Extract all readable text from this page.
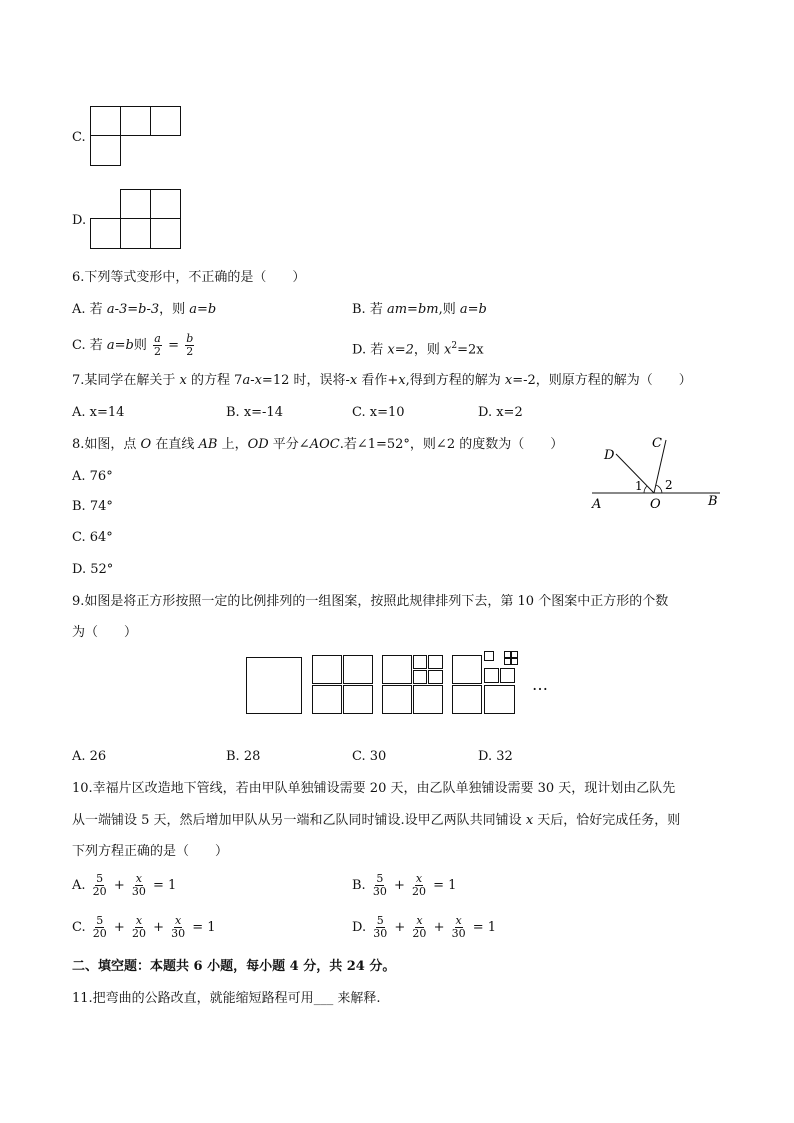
C.
D.
6.下列等式变形中，不正确的是（　　）
A. 若 a-3=b-3，则 a=b	B. 若 am=bm,则 a=b
C. 若 a=b则 $\frac{a}{2} = \frac{b}{2}$	D. 若 x=2，则 $x^2=2x$
7.某同学在解关于 x 的方程 7a-x=12 时，误将-x 看作+x,得到方程的解为 x=-2，则原方程的解为（　　）
A. x=14	B. x=-14	C. x=10	D. x=2
8.如图，点 O 在直线 AB 上，OD 平分∠AOC.若∠1=52°，则∠2 的度数为（　　）
A. 76°
B. 74°
C. 64°
D. 52°
A	O	B
C
D
1 2
9.如图是将正方形按照一定的比例排列的一组图案，按照此规律排列下去，第 10 个图案中正方形的个数
为（　　）
…
A. 26	B. 28	C. 30	D. 32
10.幸福片区改造地下管线，若由甲队单独铺设需要 20 天，由乙队单独铺设需要 30 天，现计划由乙队先
从一端铺设 5 天，然后增加甲队从另一端和乙队同时铺设.设甲乙两队共同铺设 x 天后，恰好完成任务，则
下列方程正确的是（　　）
A. $\frac{5}{20} + \frac{x}{30} = 1$	B. $\frac{5}{30} + \frac{x}{20} = 1$
C. $\frac{5}{20} + \frac{x}{20} + \frac{x}{30} = 1$	D. $\frac{5}{30} + \frac{x}{20} + \frac{x}{30} = 1$
二、填空题：本题共 6 小题，每小题 4 分，共 24 分。
11.把弯曲的公路改直，就能缩短路程可用___ 来解释.
